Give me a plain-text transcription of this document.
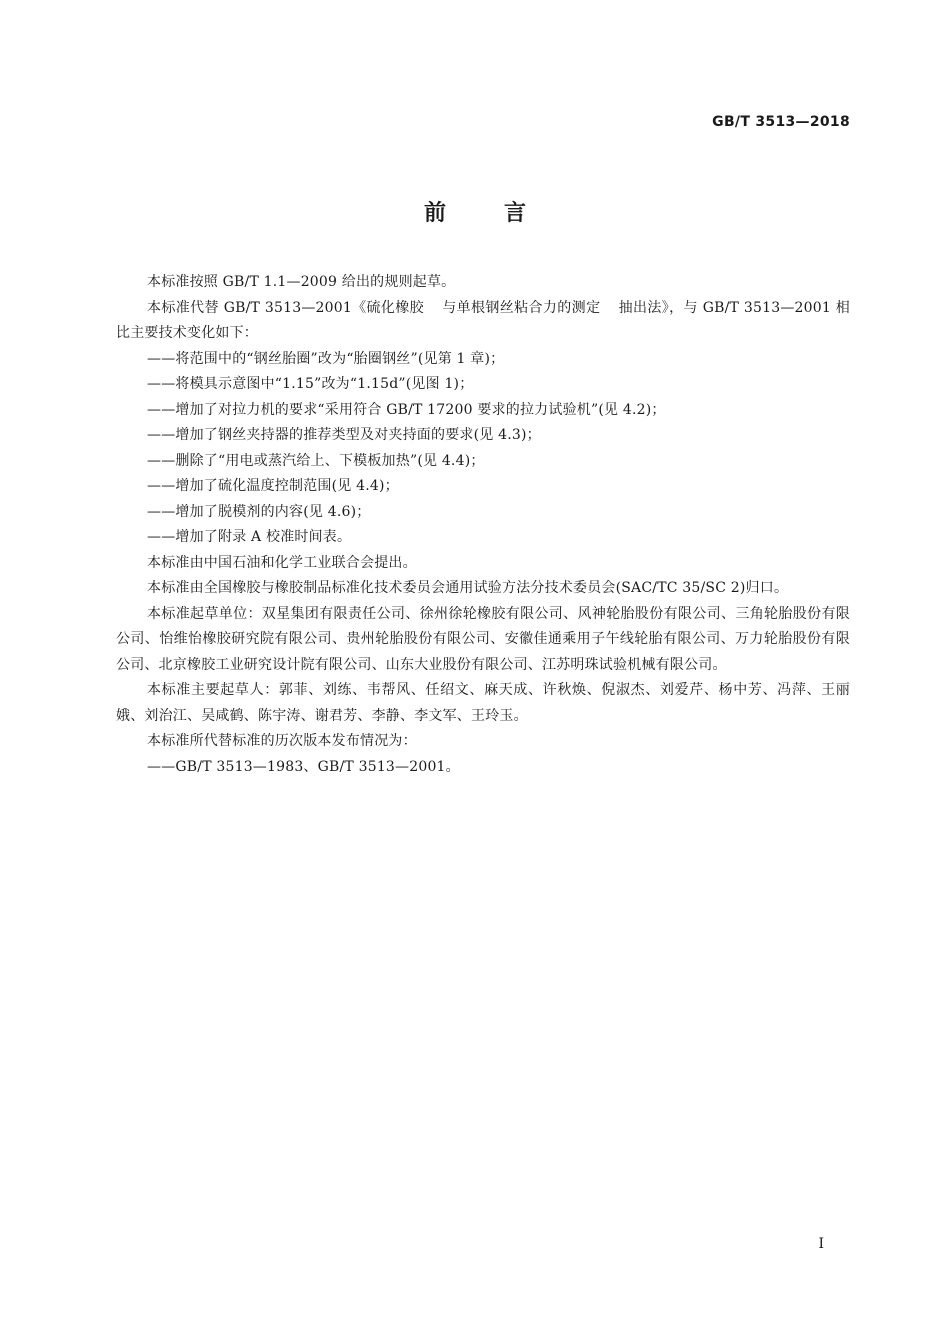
GB/T 3513—2018
前	言

本标准按照 GB/T 1.1—2009 给出的规则起草。

本标准代替 GB/T 3513—2001《硫化橡胶 与单根钢丝粘合力的测定 抽出法》，与 GB/T 3513—2001 相比主要技术变化如下：

——将范围中的“钢丝胎圈”改为“胎圈钢丝”(见第 1 章)；

——将模具示意图中“1.15”改为“1.15d”(见图 1)；

——增加了对拉力机的要求“采用符合 GB/T 17200 要求的拉力试验机”(见 4.2)；

——增加了钢丝夹持器的推荐类型及对夹持面的要求(见 4.3)；

——删除了“用电或蒸汽给上、下模板加热”(见 4.4)；

——增加了硫化温度控制范围(见 4.4)；

——增加了脱模剂的内容(见 4.6)；

——增加了附录 A 校准时间表。

本标准由中国石油和化学工业联合会提出。

本标准由全国橡胶与橡胶制品标准化技术委员会通用试验方法分技术委员会(SAC/TC 35/SC 2)归口。

本标准起草单位：双星集团有限责任公司、徐州徐轮橡胶有限公司、风神轮胎股份有限公司、三角轮胎股份有限公司、怡维怡橡胶研究院有限公司、贵州轮胎股份有限公司、安徽佳通乘用子午线轮胎有限公司、万力轮胎股份有限公司、北京橡胶工业研究设计院有限公司、山东大业股份有限公司、江苏明珠试验机械有限公司。

本标准主要起草人：郭菲、刘练、韦帮风、任绍文、麻天成、许秋焕、倪淑杰、刘爱芹、杨中芳、冯萍、王丽娥、刘治江、吴咸鹤、陈宇涛、谢君芳、李静、李文军、王玲玉。

本标准所代替标准的历次版本发布情况为：

——GB/T 3513—1983、GB/T 3513—2001。

I
